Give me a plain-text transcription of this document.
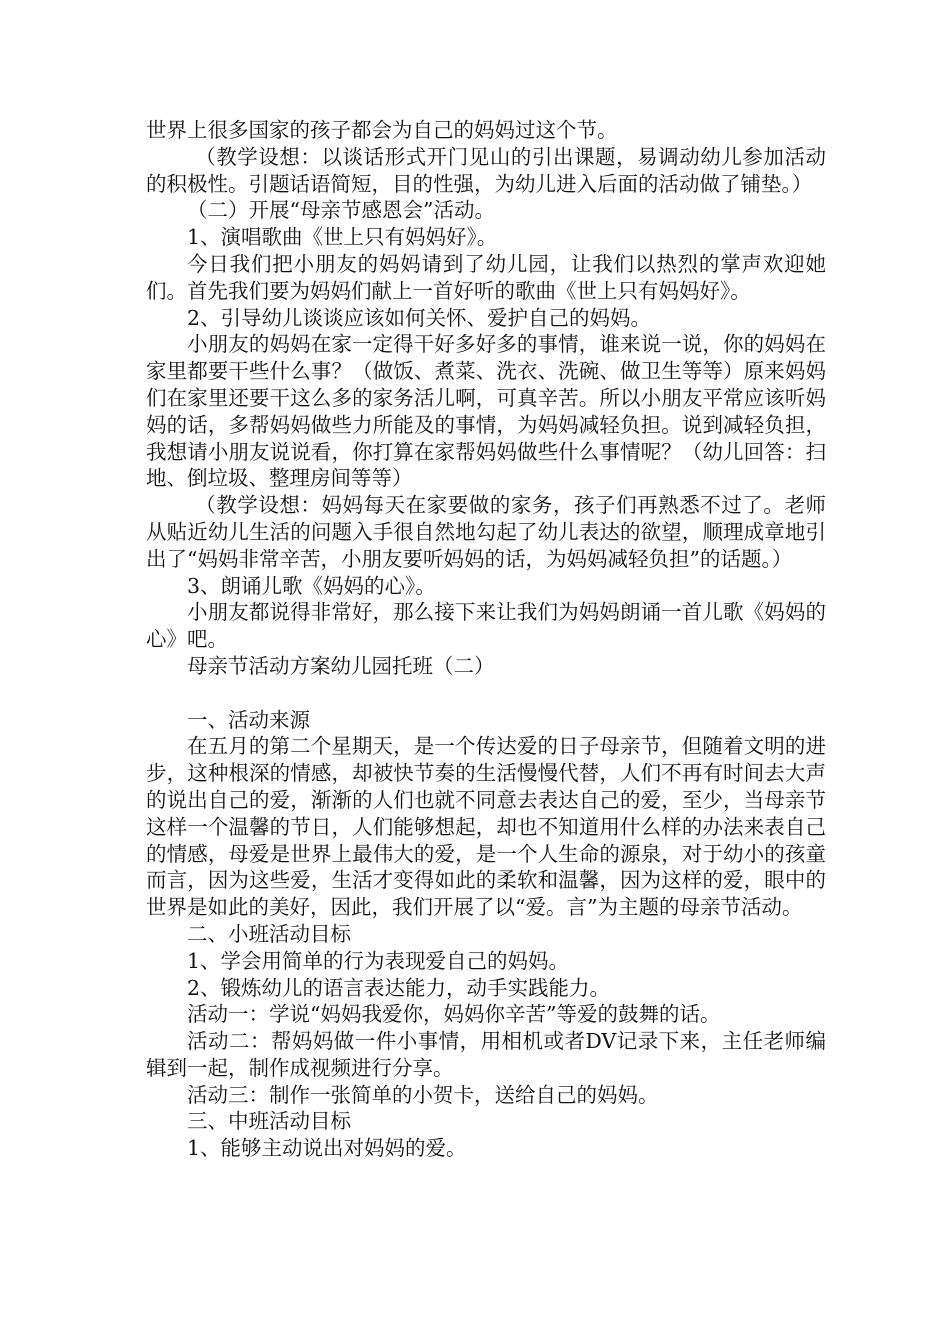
世界上很多国家的孩子都会为自己的妈妈过这个节。

（教学设想：以谈话形式开门见山的引出课题，易调动幼儿参加活动的积极性。引题话语简短，目的性强，为幼儿进入后面的活动做了铺垫。）

（二）开展“母亲节感恩会”活动。

1、演唱歌曲《世上只有妈妈好》。

今日我们把小朋友的妈妈请到了幼儿园，让我们以热烈的掌声欢迎她们。首先我们要为妈妈们献上一首好听的歌曲《世上只有妈妈好》。

2、引导幼儿谈谈应该如何关怀、爱护自己的妈妈。

小朋友的妈妈在家一定得干好多好多的事情，谁来说一说，你的妈妈在家里都要干些什么事？（做饭、煮菜、洗衣、洗碗、做卫生等等）原来妈妈们在家里还要干这么多的家务活儿啊，可真辛苦。所以小朋友平常应该听妈妈的话，多帮妈妈做些力所能及的事情，为妈妈减轻负担。说到减轻负担，我想请小朋友说说看，你打算在家帮妈妈做些什么事情呢？（幼儿回答：扫地、倒垃圾、整理房间等等）

（教学设想：妈妈每天在家要做的家务，孩子们再熟悉不过了。老师从贴近幼儿生活的问题入手很自然地勾起了幼儿表达的欲望，顺理成章地引出了“妈妈非常辛苦，小朋友要听妈妈的话，为妈妈减轻负担”的话题。）

3、朗诵儿歌《妈妈的心》。

小朋友都说得非常好，那么接下来让我们为妈妈朗诵一首儿歌《妈妈的心》吧。

母亲节活动方案幼儿园托班（二）

一、活动来源

在五月的第二个星期天，是一个传达爱的日子母亲节，但随着文明的进步，这种根深的情感，却被快节奏的生活慢慢代替，人们不再有时间去大声的说出自己的爱，渐渐的人们也就不同意去表达自己的爱，至少，当母亲节这样一个温馨的节日，人们能够想起，却也不知道用什么样的办法来表自己的情感，母爱是世界上最伟大的爱，是一个人生命的源泉，对于幼小的孩童而言，因为这些爱，生活才变得如此的柔软和温馨，因为这样的爱，眼中的世界是如此的美好，因此，我们开展了以“爱。言”为主题的母亲节活动。

二、小班活动目标

1、学会用简单的行为表现爱自己的妈妈。

2、锻炼幼儿的语言表达能力，动手实践能力。

活动一：学说“妈妈我爱你，妈妈你辛苦”等爱的鼓舞的话。

活动二：帮妈妈做一件小事情，用相机或者DV记录下来，主任老师编辑到一起，制作成视频进行分享。

活动三：制作一张简单的小贺卡，送给自己的妈妈。

三、中班活动目标

1、能够主动说出对妈妈的爱。
